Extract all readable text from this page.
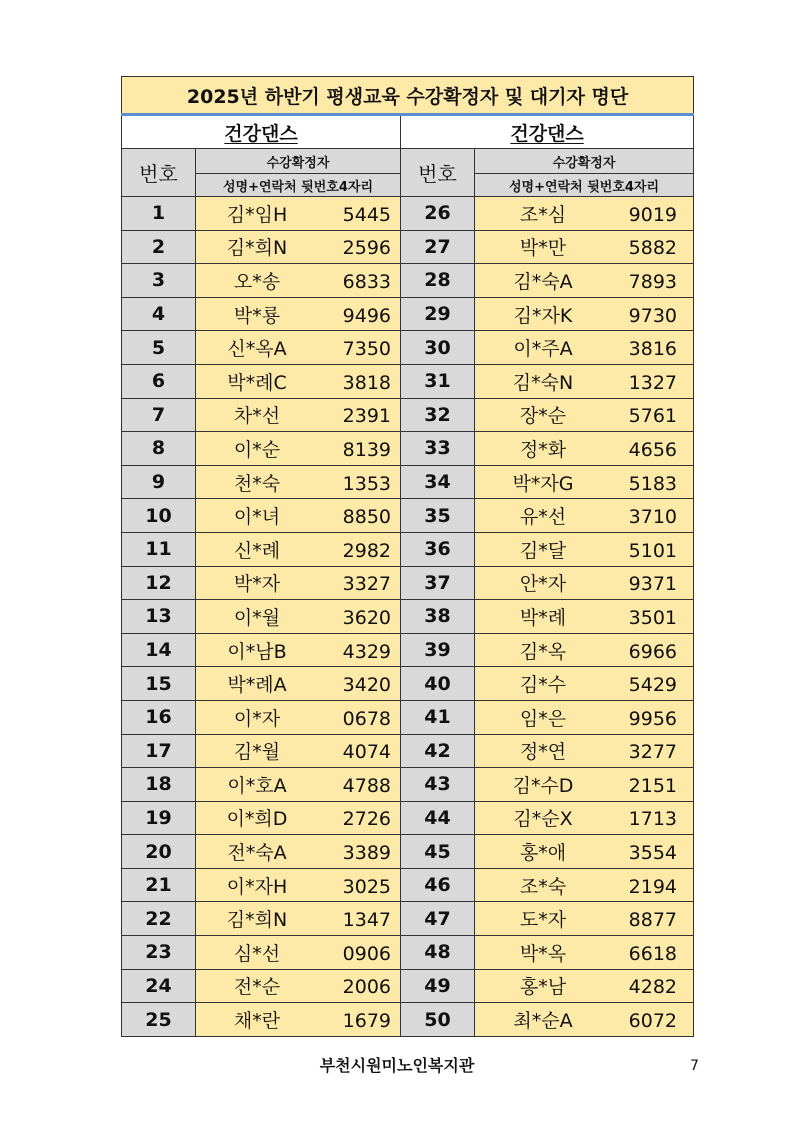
2025년 하반기 평생교육 수강확정자 및 대기자 명단			
건강댄스		건강댄스	
번호	수강확정자	번호	수강확정자
	성명+연락처 뒷번호4자리		성명+연락처 뒷번호4자리
1	김*임H 5445	26	조*심 9019
2	김*희N 2596	27	박*만 5882
3	오*송 6833	28	김*숙A 7893
4	박*룡 9496	29	김*자K 9730
5	신*옥A 7350	30	이*주A 3816
6	박*례C 3818	31	김*숙N 1327
7	차*선 2391	32	장*순 5761
8	이*순 8139	33	정*화 4656
9	천*숙 1353	34	박*자G 5183
10	이*녀 8850	35	유*선 3710
11	신*례 2982	36	김*달 5101
12	박*자 3327	37	안*자 9371
13	이*월 3620	38	박*례 3501
14	이*남B 4329	39	김*옥 6966
15	박*례A 3420	40	김*수 5429
16	이*자 0678	41	임*은 9956
17	김*월 4074	42	정*연 3277
18	이*호A 4788	43	김*수D 2151
19	이*희D 2726	44	김*순X 1713
20	전*숙A 3389	45	홍*애 3554
21	이*자H 3025	46	조*숙 2194
22	김*희N 1347	47	도*자 8877
23	심*선 0906	48	박*옥 6618
24	전*순 2006	49	홍*남 4282
25	채*란 1679	50	최*순A 6072
부천시원미노인복지관	7
